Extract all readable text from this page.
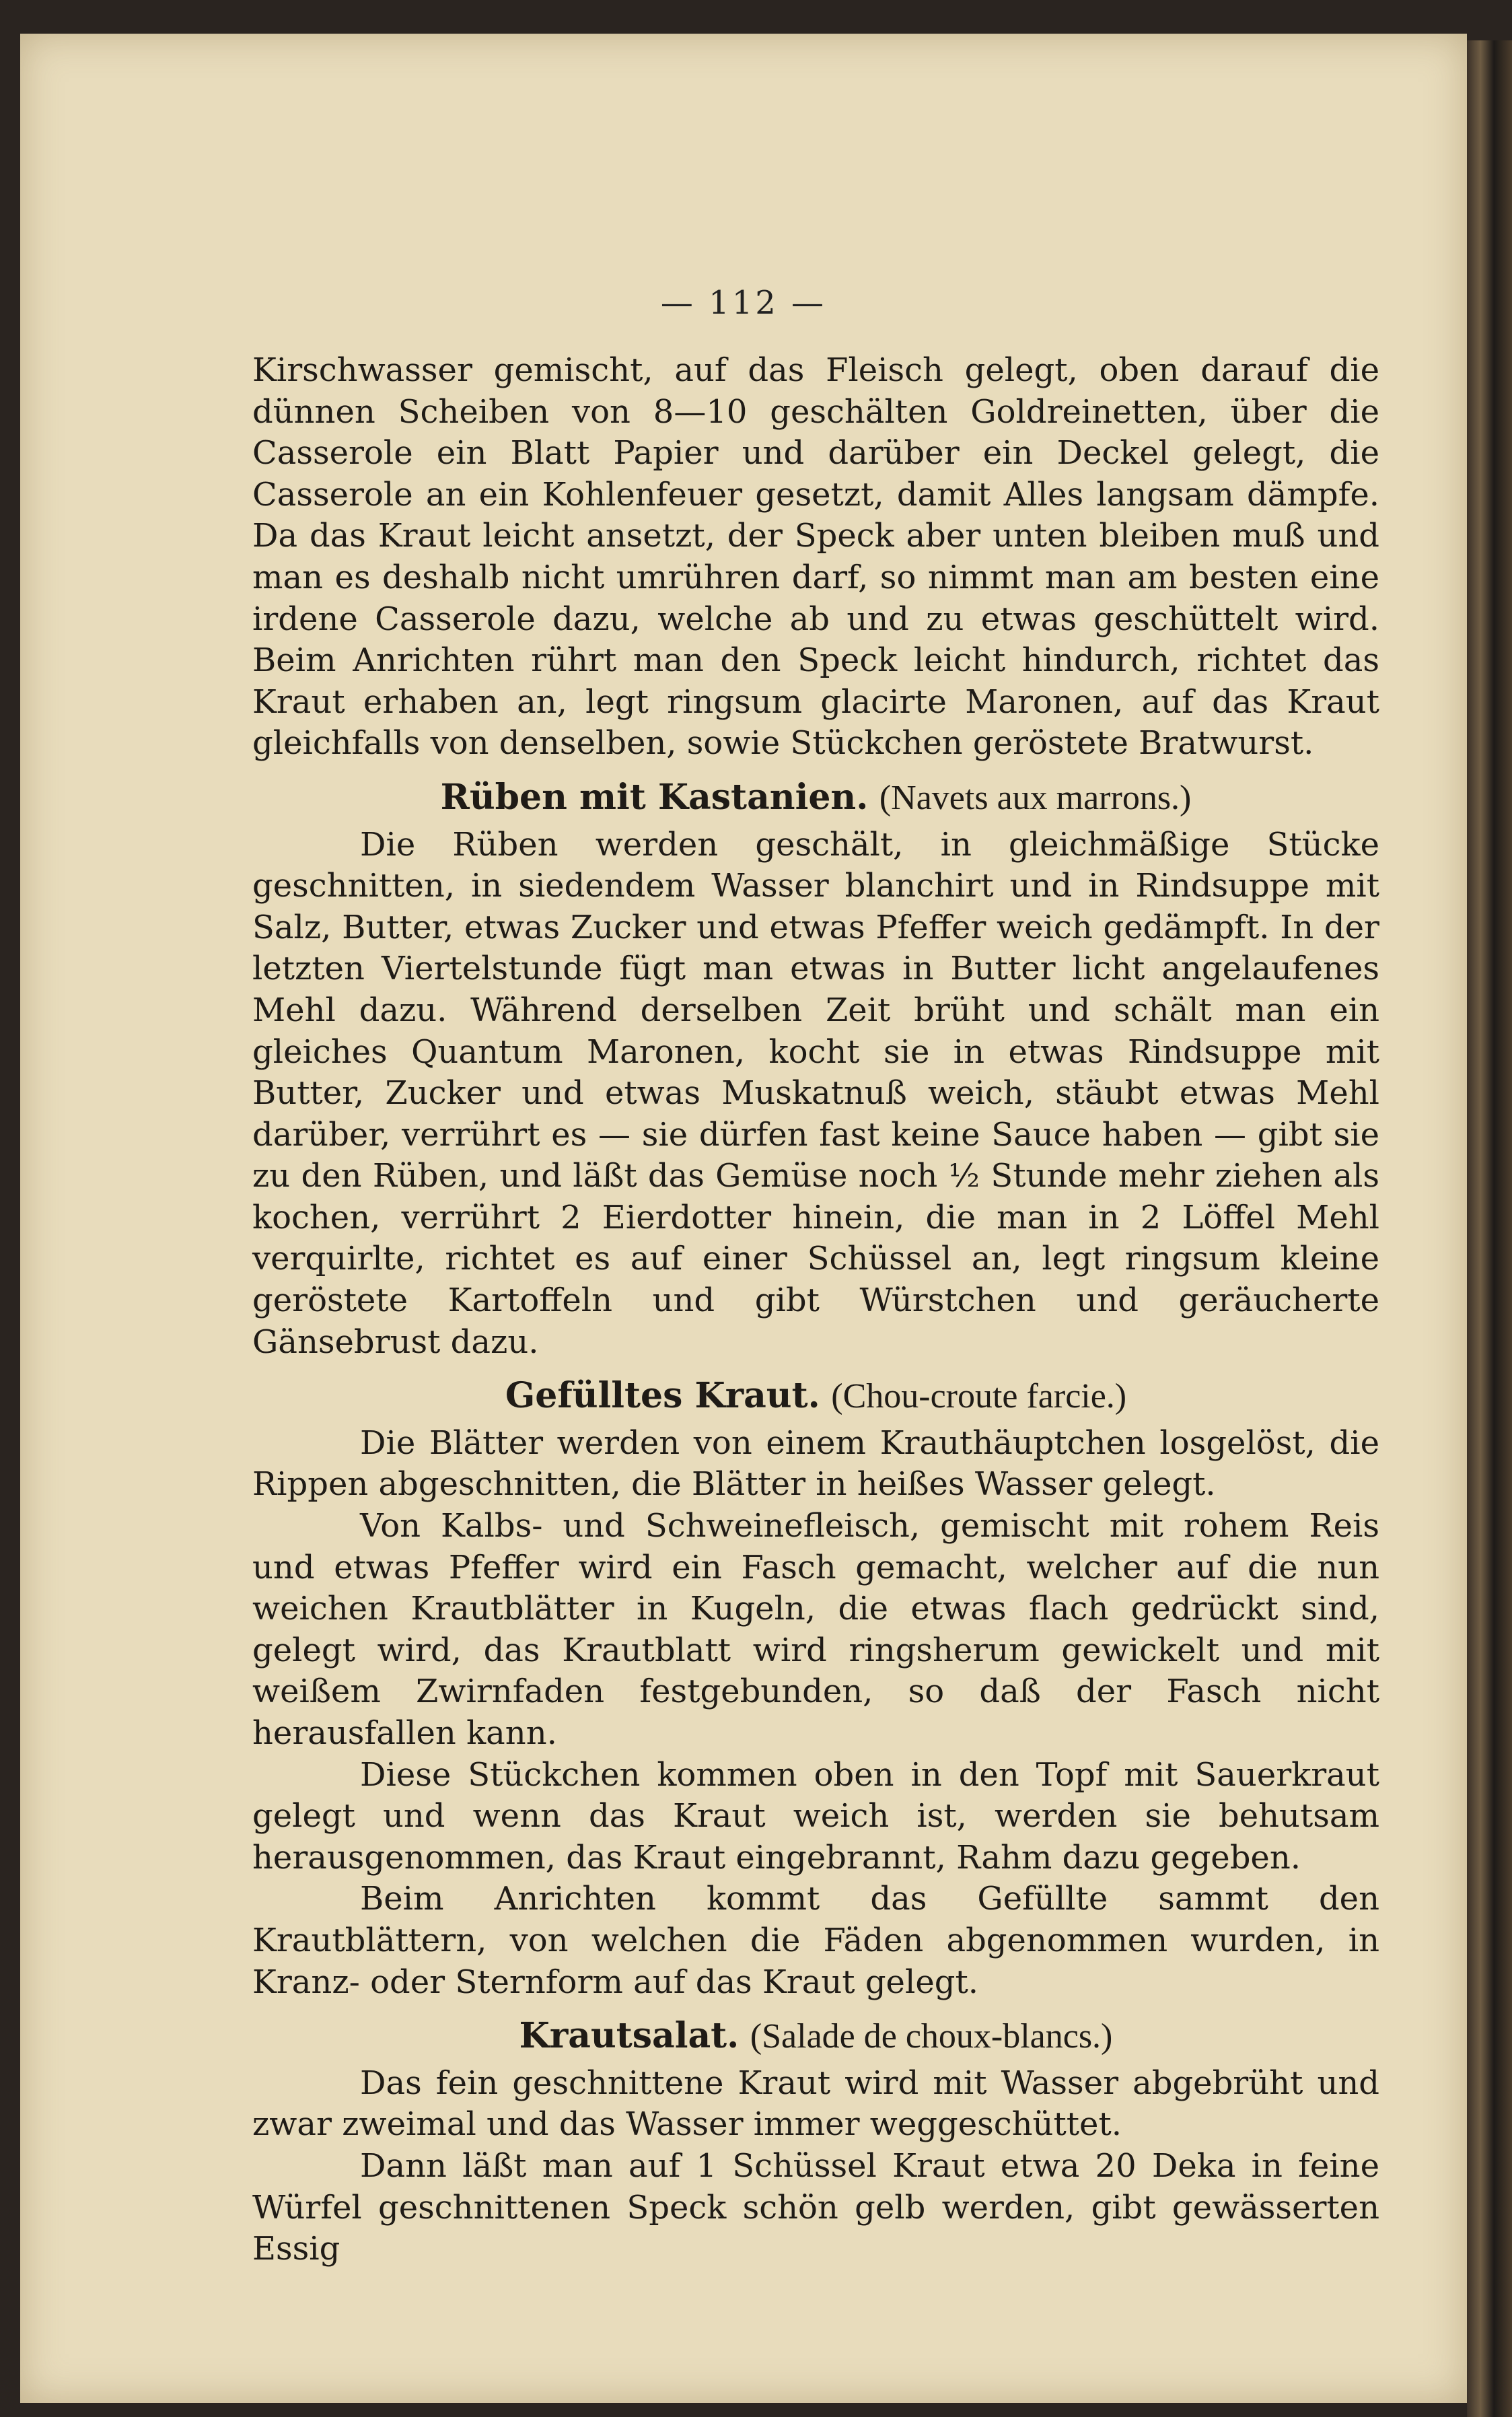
— 112 —

Kirschwasser gemischt, auf das Fleisch gelegt, oben darauf die dünnen Scheiben von 8—10 geschälten Goldreinetten, über die Casserole ein Blatt Papier und darüber ein Deckel gelegt, die Casserole an ein Kohlenfeuer gesetzt, damit Alles langsam dämpfe. Da das Kraut leicht ansetzt, der Speck aber unten bleiben muß und man es deshalb nicht umrühren darf, so nimmt man am besten eine irdene Casserole dazu, welche ab und zu etwas geschüttelt wird. Beim Anrichten rührt man den Speck leicht hindurch, richtet das Kraut erhaben an, legt ringsum glacirte Maronen, auf das Kraut gleichfalls von denselben, sowie Stückchen geröstete Bratwurst.

Rüben mit Kastanien. (Navets aux marrons.)

Die Rüben werden geschält, in gleichmäßige Stücke geschnitten, in siedendem Wasser blanchirt und in Rindsuppe mit Salz, Butter, etwas Zucker und etwas Pfeffer weich gedämpft. In der letzten Viertelstunde fügt man etwas in Butter licht angelaufenes Mehl dazu. Während derselben Zeit brüht und schält man ein gleiches Quantum Maronen, kocht sie in etwas Rindsuppe mit Butter, Zucker und etwas Muskatnuß weich, stäubt etwas Mehl darüber, verrührt es — sie dürfen fast keine Sauce haben — gibt sie zu den Rüben, und läßt das Gemüse noch ½ Stunde mehr ziehen als kochen, verrührt 2 Eierdotter hinein, die man in 2 Löffel Mehl verquirlte, richtet es auf einer Schüssel an, legt ringsum kleine geröstete Kartoffeln und gibt Würstchen und geräucherte Gänsebrust dazu.

Gefülltes Kraut. (Chou-croute farcie.)

Die Blätter werden von einem Krauthäuptchen losgelöst, die Rippen abgeschnitten, die Blätter in heißes Wasser gelegt.

Von Kalbs- und Schweinefleisch, gemischt mit rohem Reis und etwas Pfeffer wird ein Fasch gemacht, welcher auf die nun weichen Krautblätter in Kugeln, die etwas flach gedrückt sind, gelegt wird, das Krautblatt wird ringsherum gewickelt und mit weißem Zwirnfaden festgebunden, so daß der Fasch nicht herausfallen kann.

Diese Stückchen kommen oben in den Topf mit Sauerkraut gelegt und wenn das Kraut weich ist, werden sie behutsam herausgenommen, das Kraut eingebrannt, Rahm dazu gegeben.

Beim Anrichten kommt das Gefüllte sammt den Krautblättern, von welchen die Fäden abgenommen wurden, in Kranz- oder Sternform auf das Kraut gelegt.

Krautsalat. (Salade de choux-blancs.)

Das fein geschnittene Kraut wird mit Wasser abgebrüht und zwar zweimal und das Wasser immer weggeschüttet.

Dann läßt man auf 1 Schüssel Kraut etwa 20 Deka in feine Würfel geschnittenen Speck schön gelb werden, gibt gewässerten Essig
